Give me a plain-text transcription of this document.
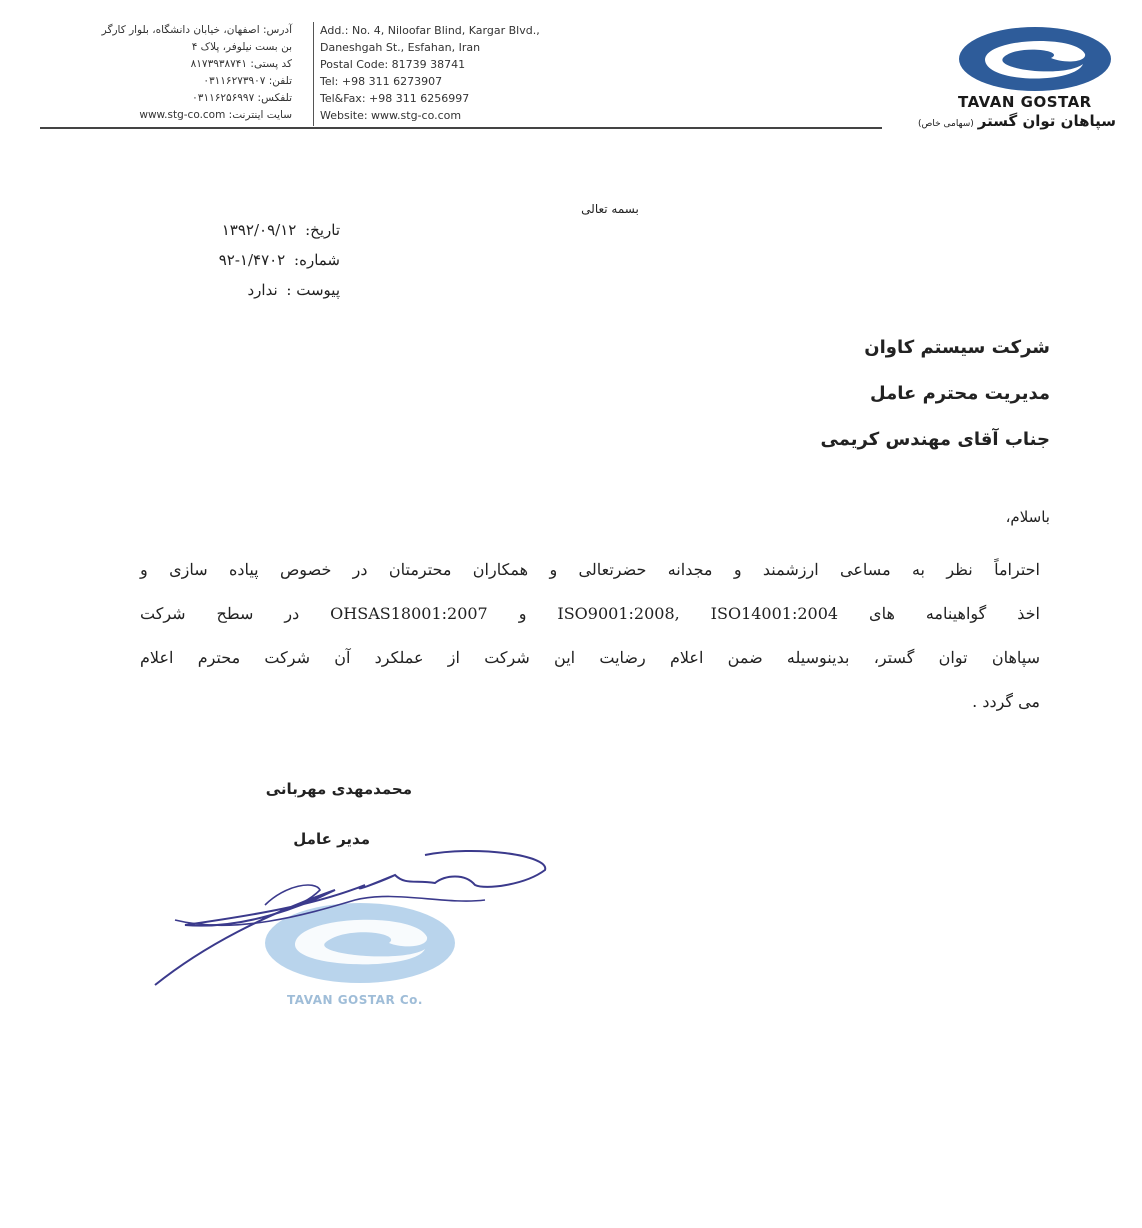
آدرس: اصفهان، خیابان دانشگاه، بلوار کارگر
بن بست نیلوفر، پلاک ۴
کد پستی: ۸۱۷۳۹۳۸۷۴۱
تلفن: ۰۳۱۱۶۲۷۳۹۰۷
تلفکس: ۰۳۱۱۶۲۵۶۹۹۷
سایت اینترنت: www.stg-co.com
Add.: No. 4, Niloofar Blind, Kargar Blvd.,
Daneshgah St., Esfahan, Iran
Postal Code: 81739 38741
Tel: +98 311 6273907
Tel&Fax: +98 311 6256997
Website: www.stg-co.com
TAVAN GOSTAR
سپاهان توان گستر(سهامی خاص)
بسمه تعالی
تاریخ: ۱۳۹۲/۰۹/۱۲
شماره: ۹۲-۱/۴۷۰۲
پیوست : ندارد
شرکت سیستم کاوان
مدیریت محترم عامل
جناب آقای مهندس کریمی
باسلام،
احتراماً نظر به مساعی ارزشمند و مجدانه حضرتعالی و همکاران محترمتان در خصوص پیاده سازی و
اخذ گواهینامه های ISO9001:2008, ISO14001:2004 و OHSAS18001:2007 در سطح شرکت
سپاهان توان گستر، بدینوسیله ضمن اعلام رضایت این شرکت از عملکرد آن شرکت محترم اعلام
می گردد .
محمدمهدی مهربانی
مدیر عامل
TAVAN GOSTAR Co.
